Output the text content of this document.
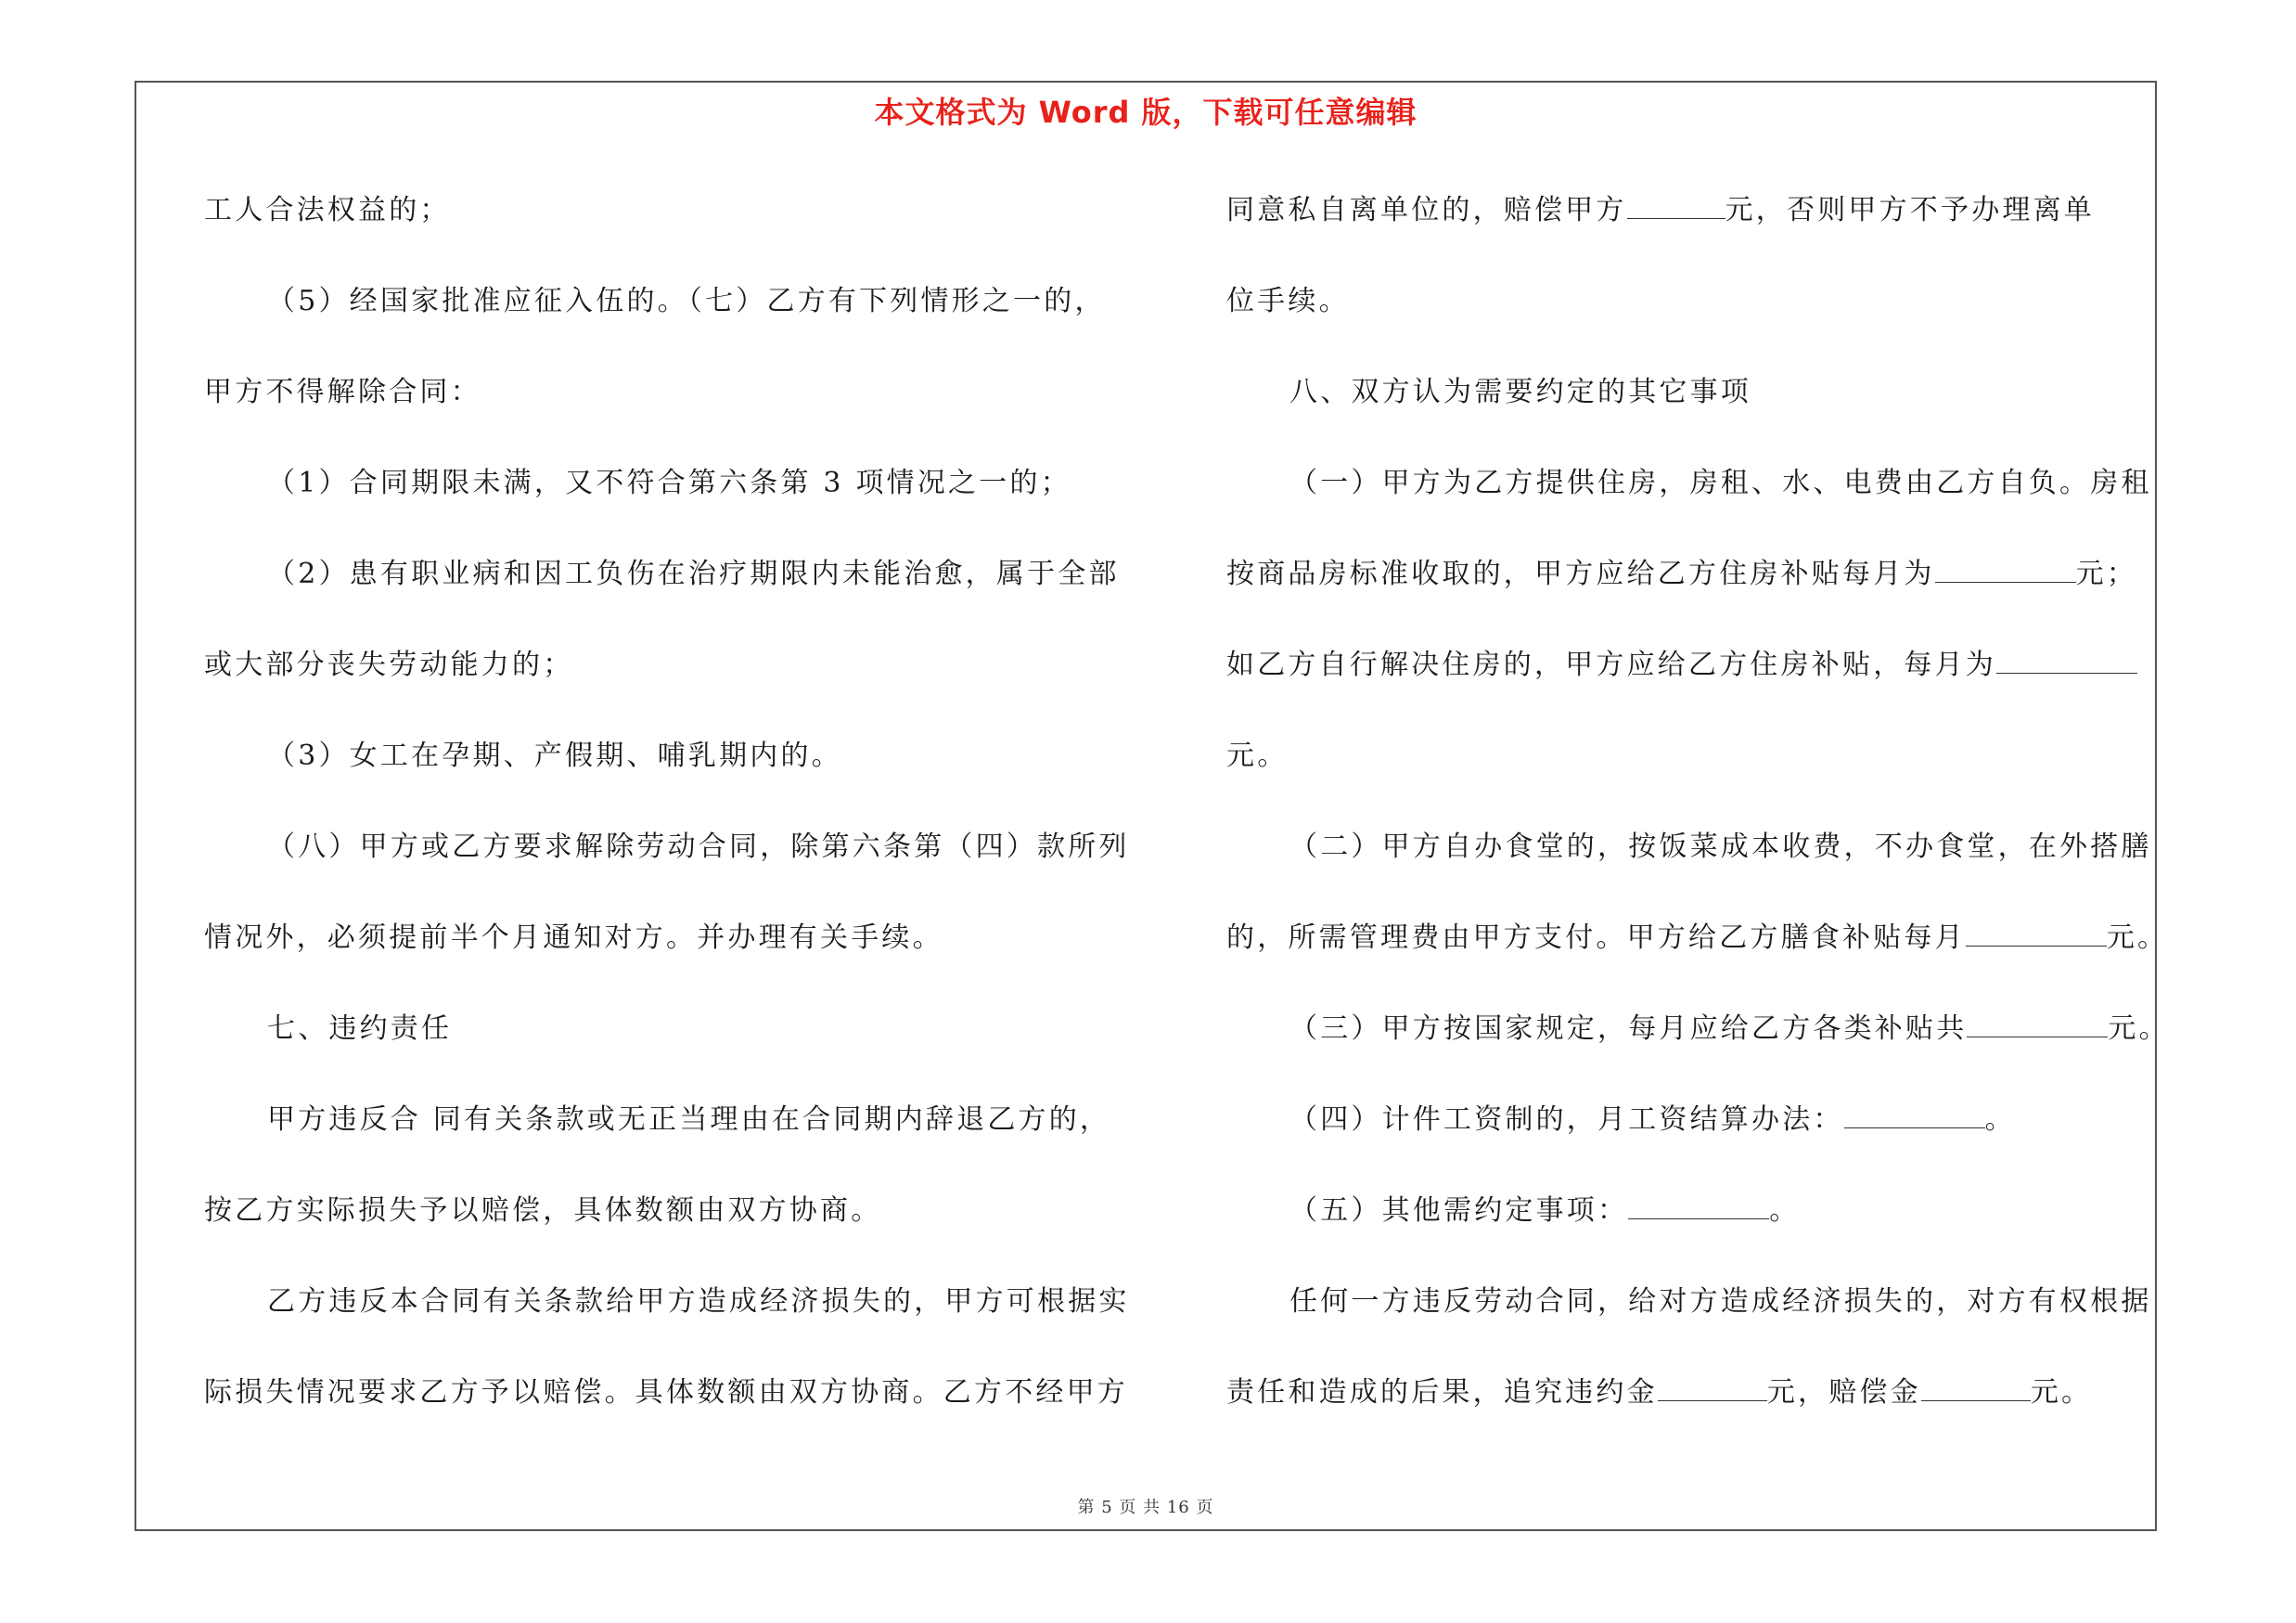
本文格式为 Word 版，下载可任意编辑
工人合法权益的；
（5）经国家批准应征入伍的。（七）乙方有下列情形之一的，
甲方不得解除合同：
（1）合同期限未满，又不符合第六条第 3 项情况之一的；
（2）患有职业病和因工负伤在治疗期限内未能治愈，属于全部
或大部分丧失劳动能力的；
（3）女工在孕期、产假期、哺乳期内的。
（八）甲方或乙方要求解除劳动合同，除第六条第（四）款所列
情况外，必须提前半个月通知对方。并办理有关手续。
七、违约责任
甲方违反合 同有关条款或无正当理由在合同期内辞退乙方的，
按乙方实际损失予以赔偿，具体数额由双方协商。
乙方违反本合同有关条款给甲方造成经济损失的，甲方可根据实
际损失情况要求乙方予以赔偿。具体数额由双方协商。乙方不经甲方
同意私自离单位的，赔偿甲方	元，否则甲方不予办理离单
位手续。
八、双方认为需要约定的其它事项
（一）甲方为乙方提供住房，房租、水、电费由乙方自负。房租
按商品房标准收取的，甲方应给乙方住房补贴每月为	元；
如乙方自行解决住房的，甲方应给乙方住房补贴，每月为
元。
（二）甲方自办食堂的，按饭菜成本收费，不办食堂，在外搭膳
的，所需管理费由甲方支付。甲方给乙方膳食补贴每月	元。
（三）甲方按国家规定，每月应给乙方各类补贴共	元。
（四）计件工资制的，月工资结算办法：	。
（五）其他需约定事项：	。
任何一方违反劳动合同，给对方造成经济损失的，对方有权根据
责任和造成的后果，追究违约金	元，赔偿金	元。
第 5 页 共 16 页
